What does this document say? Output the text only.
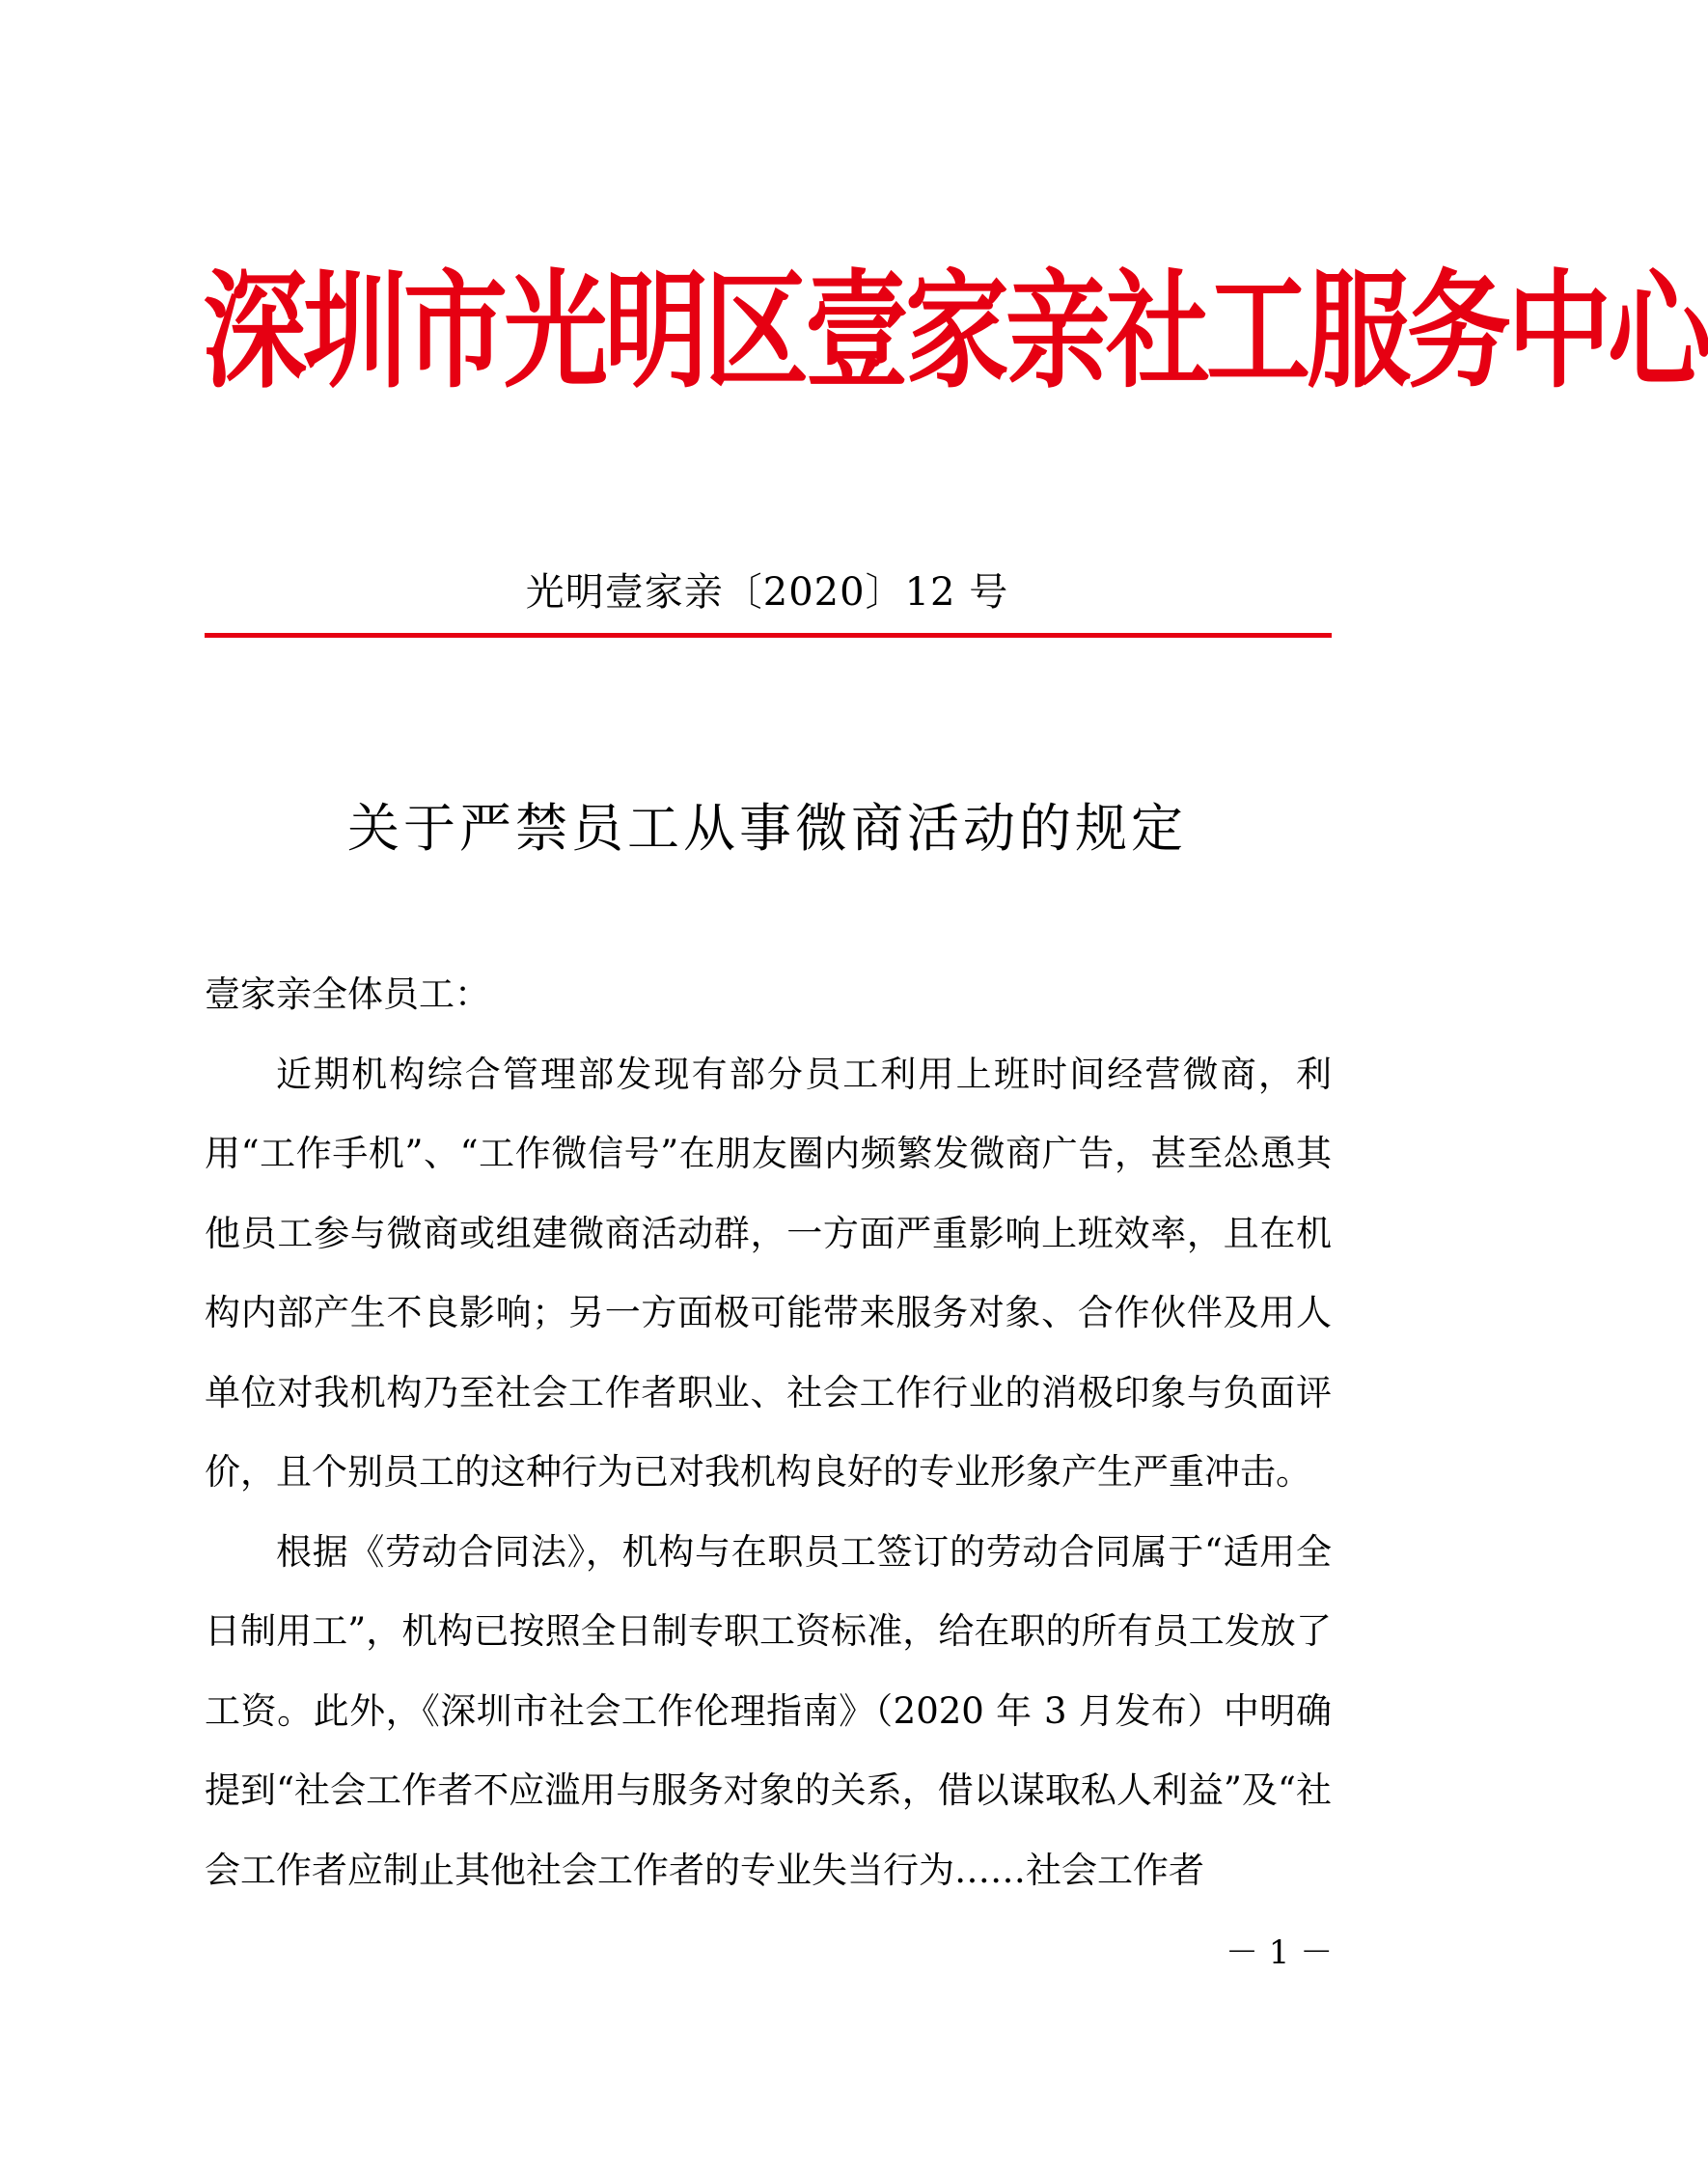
深圳市光明区壹家亲社工服务中心
光明壹家亲〔2020〕12 号
关于严禁员工从事微商活动的规定

壹家亲全体员工：

近期机构综合管理部发现有部分员工利用上班时间经营微商，利用“工作手机”、“工作微信号”在朋友圈内频繁发微商广告，甚至怂恿其他员工参与微商或组建微商活动群，一方面严重影响上班效率，且在机构内部产生不良影响；另一方面极可能带来服务对象、合作伙伴及用人单位对我机构乃至社会工作者职业、社会工作行业的消极印象与负面评价，且个别员工的这种行为已对我机构良好的专业形象产生严重冲击。

根据《劳动合同法》，机构与在职员工签订的劳动合同属于“适用全日制用工”，机构已按照全日制专职工资标准，给在职的所有员工发放了工资。此外，《深圳市社会工作伦理指南》（2020 年 3 月发布）中明确提到“社会工作者不应滥用与服务对象的关系，借以谋取私人利益”及“社会工作者应制止其他社会工作者的专业失当行为……社会工作者

－ 1 －
